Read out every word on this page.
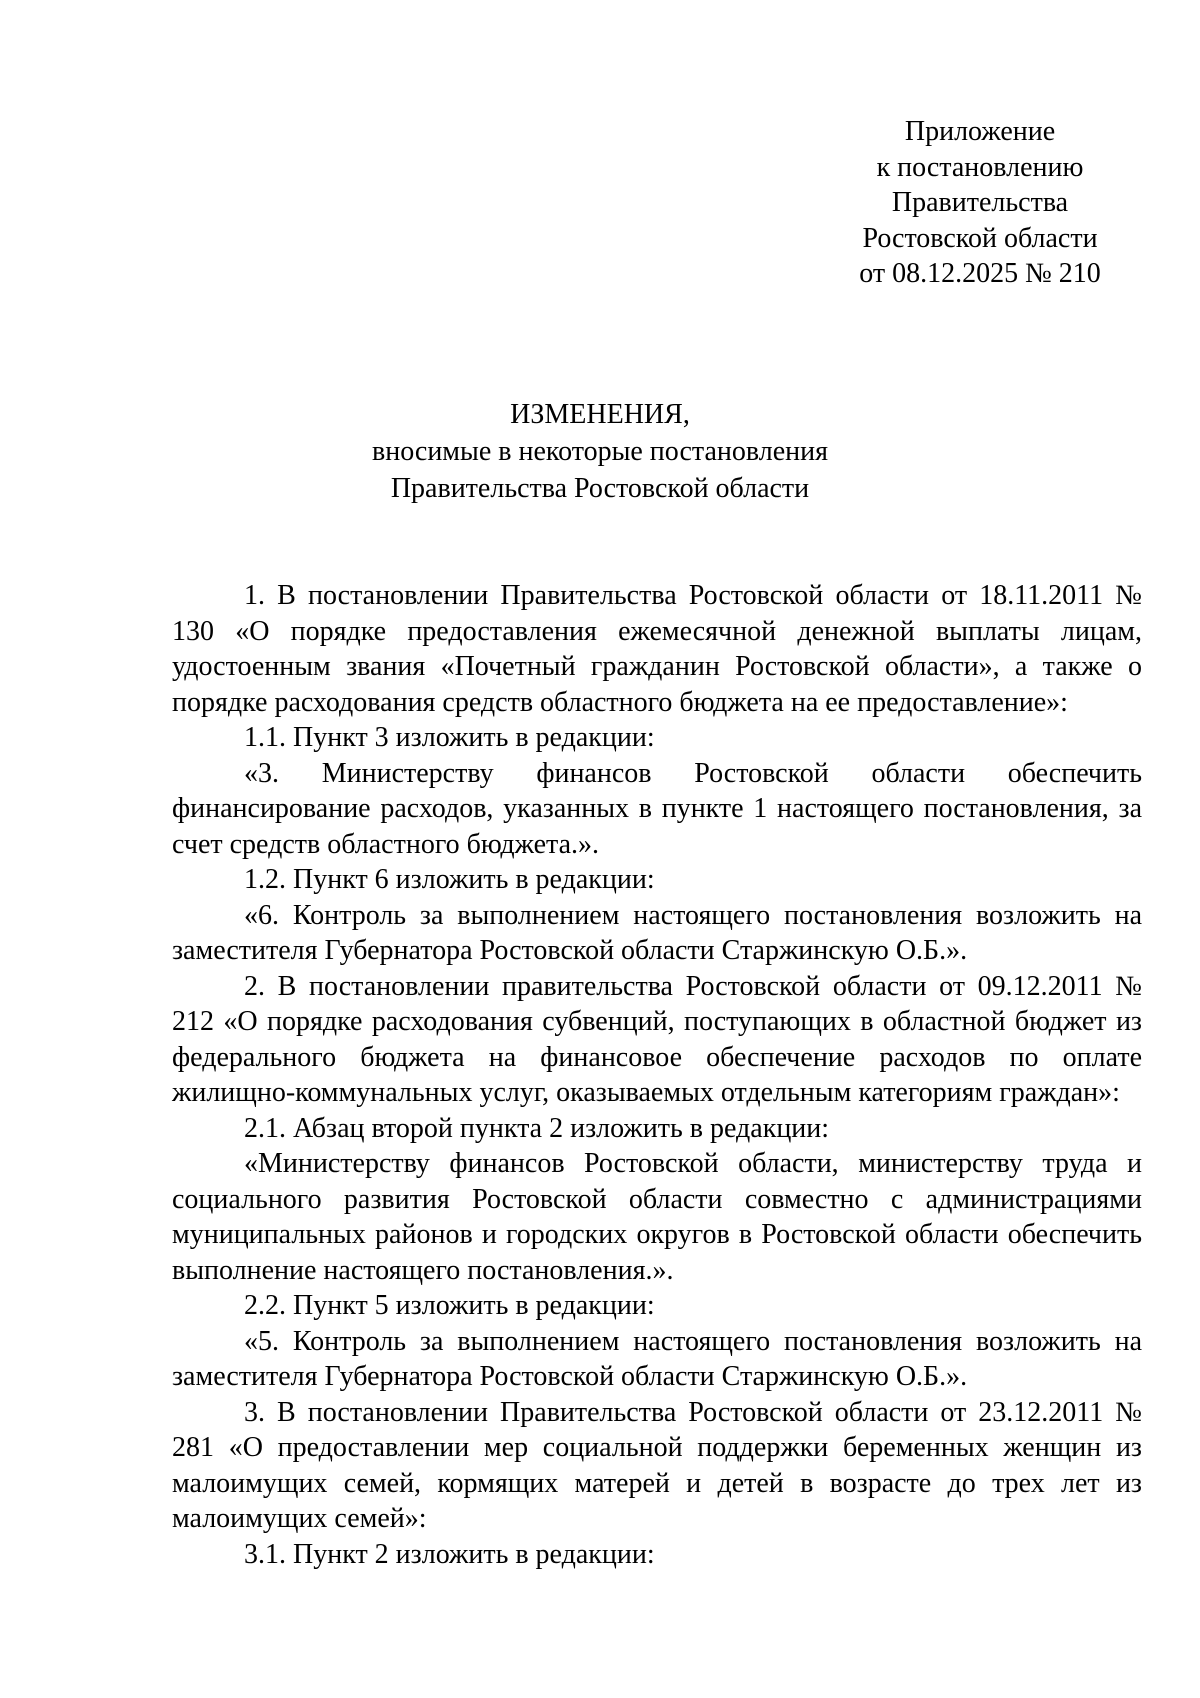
Приложение
к постановлению
Правительства
Ростовской области
от 08.12.2025 № 210
ИЗМЕНЕНИЯ,
вносимые в некоторые постановления
Правительства Ростовской области

1. В постановлении Правительства Ростовской области от 18.11.2011 № 130 «О порядке предоставления ежемесячной денежной выплаты лицам, удостоенным звания «Почетный гражданин Ростовской области», а также о порядке расходования средств областного бюджета на ее предоставление»:

1.1. Пункт 3 изложить в редакции:

«3. Министерству финансов Ростовской области обеспечить финансирование расходов, указанных в пункте 1 настоящего постановления, за счет средств областного бюджета.».

1.2. Пункт 6 изложить в редакции:

«6. Контроль за выполнением настоящего постановления возложить на заместителя Губернатора Ростовской области Старжинскую О.Б.».

2. В постановлении правительства Ростовской области от 09.12.2011 № 212 «О порядке расходования субвенций, поступающих в областной бюджет из федерального бюджета на финансовое обеспечение расходов по оплате жилищно-коммунальных услуг, оказываемых отдельным категориям граждан»:

2.1. Абзац второй пункта 2 изложить в редакции:

«Министерству финансов Ростовской области, министерству труда и социального развития Ростовской области совместно с администрациями муниципальных районов и городских округов в Ростовской области обеспечить выполнение настоящего постановления.».

2.2. Пункт 5 изложить в редакции:

«5. Контроль за выполнением настоящего постановления возложить на заместителя Губернатора Ростовской области Старжинскую О.Б.».

3. В постановлении Правительства Ростовской области от 23.12.2011 № 281 «О предоставлении мер социальной поддержки беременных женщин из малоимущих семей, кормящих матерей и детей в возрасте до трех лет из малоимущих семей»:

3.1. Пункт 2 изложить в редакции:
